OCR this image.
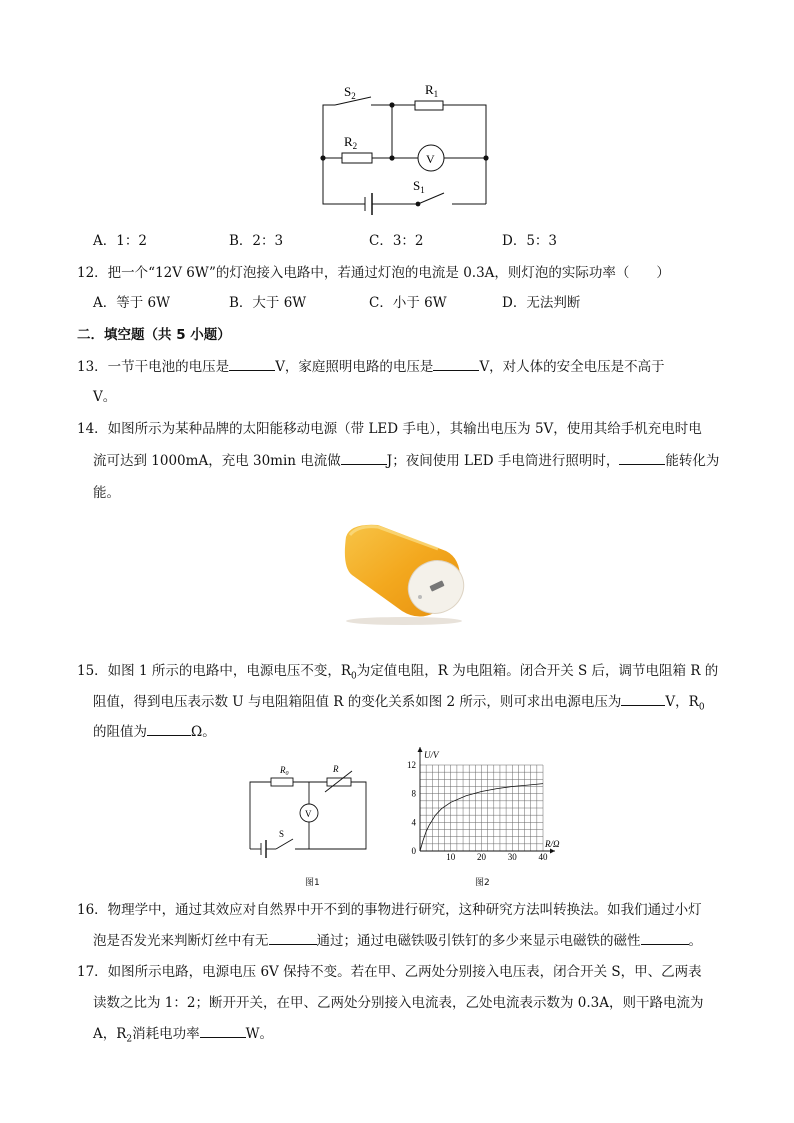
$S_2$	$R_1$
$R_2$
V
$S_1$
A．1：2	B．2：3	C．3：2	D．5：3
12．把一个“12V 6W”的灯泡接入电路中，若通过灯泡的电流是 0.3A，则灯泡的实际功率（　　）
A．等于 6W	B．大于 6W	C．小于 6W	D．无法判断
二．填空题（共 5 小题）
13．一节干电池的电压是	V，家庭照明电路的电压是	V，对人体的安全电压是不高于
V。
14．如图所示为某种品牌的太阳能移动电源（带 LED 手电），其输出电压为 5V，使用其给手机充电时电
流可达到 1000mA，充电 30min 电流做	J；夜间使用 LED 手电筒进行照明时，	能转化为
能。
15．如图 1 所示的电路中，电源电压不变，$R_0$为定值电阻，R 为电阻箱。闭合开关 S 后，调节电阻箱 R 的
阻值，得到电压表示数 U 与电阻箱阻值 R 的变化关系如图 2 所示，则可求出电源电压为	V，$R_0$
的阻值为	Ω。
$R_0$	R
V
S
图1
10 20 30 40
0
4
8
12
U/V
R/Ω
图2
16．物理学中，通过其效应对自然界中开不到的事物进行研究，这种研究方法叫转换法。如我们通过小灯
泡是否发光来判断灯丝中有无	通过；通过电磁铁吸引铁钉的多少来显示电磁铁的磁性	。
17．如图所示电路，电源电压 6V 保持不变。若在甲、乙两处分别接入电压表，闭合开关 S，甲、乙两表
读数之比为 1：2；断开开关，在甲、乙两处分别接入电流表，乙处电流表示数为 0.3A，则干路电流为
A，$R_2$消耗电功率	W。
